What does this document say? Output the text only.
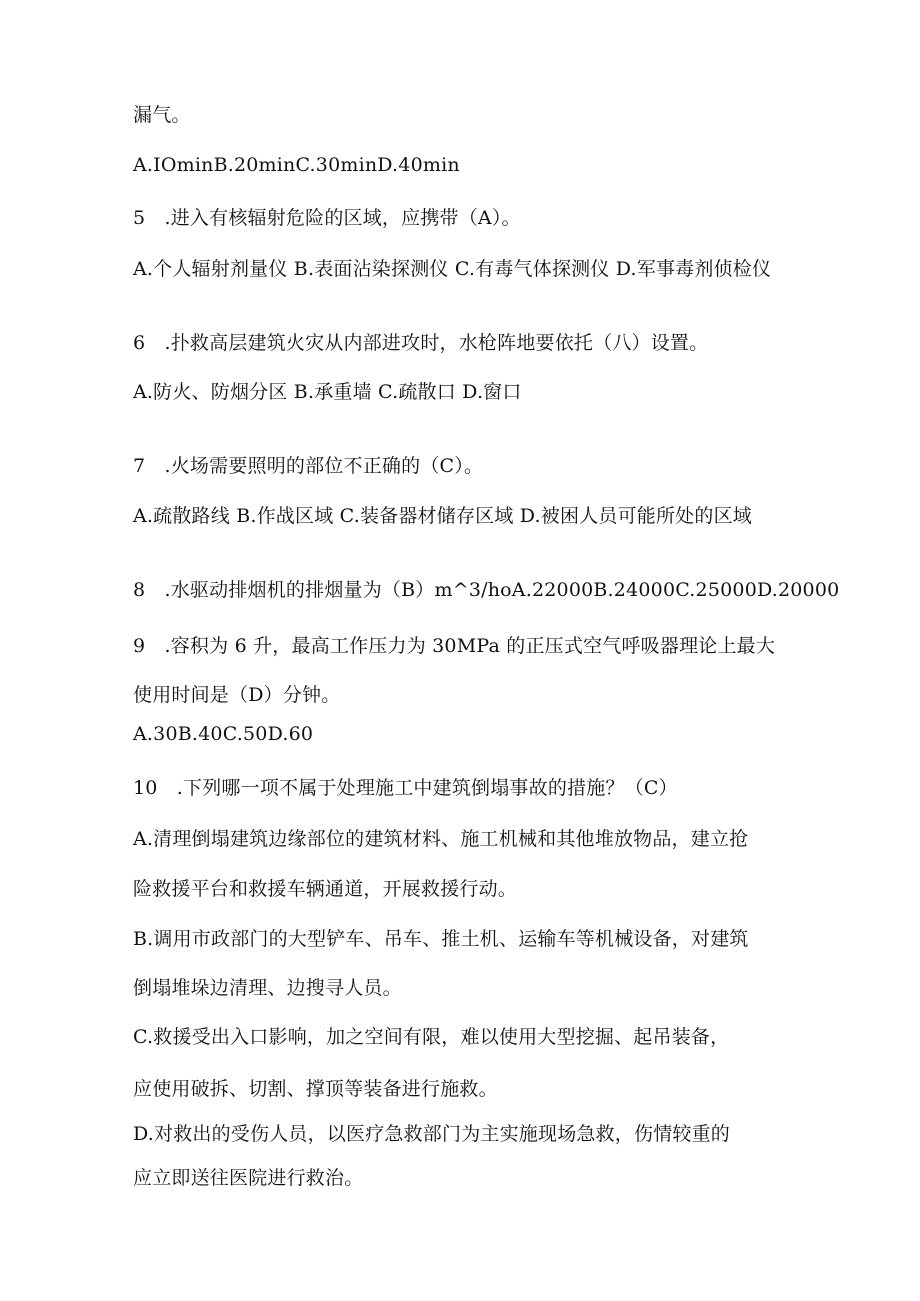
漏气。
A.IOminB.20minC.30minD.40min
5　.进入有核辐射危险的区域，应携带（A）。
A.个人辐射剂量仪 B.表面沾染探测仪 C.有毒气体探测仪 D.军事毒剂侦检仪
6　.扑救高层建筑火灾从内部进攻时，水枪阵地要依托（八）设置。
A.防火、防烟分区 B.承重墙 C.疏散口 D.窗口
7　.火场需要照明的部位不正确的（C）。
A.疏散路线 B.作战区域 C.装备器材储存区域 D.被困人员可能所处的区域
8　.水驱动排烟机的排烟量为（B）m^3∕hoA.22000B.24000C.25000D.20000
9　.容积为 6 升，最高工作压力为 30MPa 的正压式空气呼吸器理论上最大
使用时间是（D）分钟。
A.30B.40C.50D.60
10　.下列哪一项不属于处理施工中建筑倒塌事故的措施？（C）
A.清理倒塌建筑边缘部位的建筑材料、施工机械和其他堆放物品，建立抢
险救援平台和救援车辆通道，开展救援行动。
B.调用市政部门的大型铲车、吊车、推土机、运输车等机械设备，对建筑
倒塌堆垛边清理、边搜寻人员。
C.救援受出入口影响，加之空间有限，难以使用大型挖掘、起吊装备，
应使用破拆、切割、撑顶等装备进行施救。
D.对救出的受伤人员，以医疗急救部门为主实施现场急救，伤情较重的
应立即送往医院进行救治。
